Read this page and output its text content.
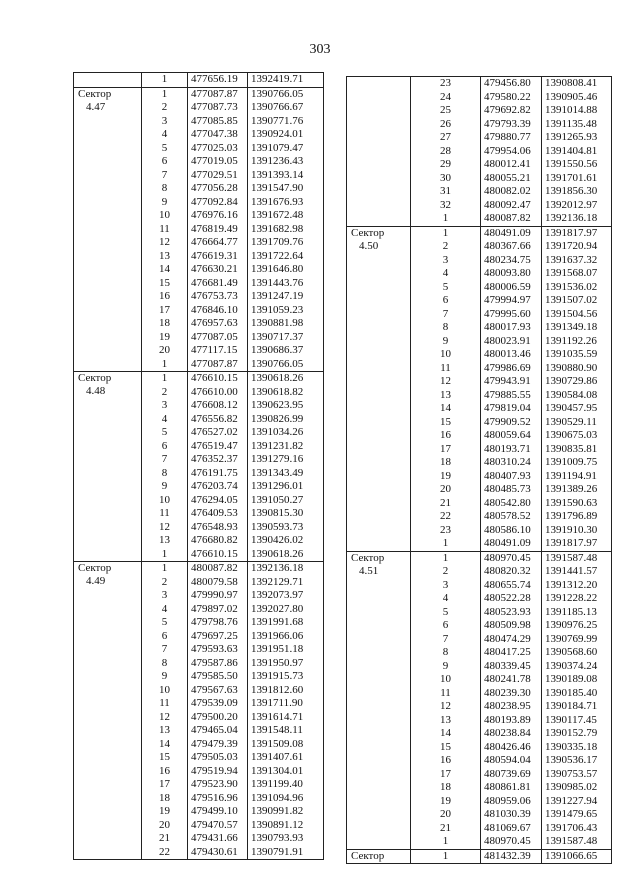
303
	1	477656.19	1392419.71

Сектор
4.47	1	477087.87	1390766.05
	2	477087.73	1390766.67
	3	477085.85	1390771.76
	4	477047.38	1390924.01
	5	477025.03	1391079.47
	6	477019.05	1391236.43
	7	477029.51	1391393.14
	8	477056.28	1391547.90
	9	477092.84	1391676.93
	10	476976.16	1391672.48
	11	476819.49	1391682.98
	12	476664.77	1391709.76
	13	476619.31	1391722.64
	14	476630.21	1391646.80
	15	476681.49	1391443.76
	16	476753.73	1391247.19
	17	476846.10	1391059.23
	18	476957.63	1390881.98
	19	477087.05	1390717.37
	20	477117.15	1390686.37
	1	477087.87	1390766.05

Сектор
4.48	1	476610.15	1390618.26
	2	476610.00	1390618.82
	3	476608.12	1390623.95
	4	476556.82	1390826.99
	5	476527.02	1391034.26
	6	476519.47	1391231.82
	7	476352.37	1391279.16
	8	476191.75	1391343.49
	9	476203.74	1391296.01
	10	476294.05	1391050.27
	11	476409.53	1390815.30
	12	476548.93	1390593.73
	13	476680.82	1390426.02
	1	476610.15	1390618.26

Сектор
4.49	1	480087.82	1392136.18
	2	480079.58	1392129.71
	3	479990.97	1392073.97
	4	479897.02	1392027.80
	5	479798.76	1391991.68
	6	479697.25	1391966.06
	7	479593.63	1391951.18
	8	479587.86	1391950.97
	9	479585.50	1391915.73
	10	479567.63	1391812.60
	11	479539.09	1391711.90
	12	479500.20	1391614.71
	13	479465.04	1391548.11
	14	479479.39	1391509.08
	15	479505.03	1391407.61
	16	479519.94	1391304.01
	17	479523.90	1391199.40
	18	479516.96	1391094.96
	19	479499.10	1390991.82
	20	479470.57	1390891.12
	21	479431.66	1390793.93
	22	479430.61	1390791.91
	23	479456.80	1390808.41
	24	479580.22	1390905.46
	25	479692.82	1391014.88
	26	479793.39	1391135.48
	27	479880.77	1391265.93
	28	479954.06	1391404.81
	29	480012.41	1391550.56
	30	480055.21	1391701.61
	31	480082.02	1391856.30
	32	480092.47	1392012.97
	1	480087.82	1392136.18

Сектор
4.50	1	480491.09	1391817.97
	2	480367.66	1391720.94
	3	480234.75	1391637.32
	4	480093.80	1391568.07
	5	480006.59	1391536.02
	6	479994.97	1391507.02
	7	479995.60	1391504.56
	8	480017.93	1391349.18
	9	480023.91	1391192.26
	10	480013.46	1391035.59
	11	479986.69	1390880.90
	12	479943.91	1390729.86
	13	479885.55	1390584.08
	14	479819.04	1390457.95
	15	479909.52	1390529.11
	16	480059.64	1390675.03
	17	480193.71	1390835.81
	18	480310.24	1391009.75
	19	480407.93	1391194.91
	20	480485.73	1391389.26
	21	480542.80	1391590.63
	22	480578.52	1391796.89
	23	480586.10	1391910.30
	1	480491.09	1391817.97

Сектор
4.51	1	480970.45	1391587.48
	2	480820.32	1391441.57
	3	480655.74	1391312.20
	4	480522.28	1391228.22
	5	480523.93	1391185.13
	6	480509.98	1390976.25
	7	480474.29	1390769.99
	8	480417.25	1390568.60
	9	480339.45	1390374.24
	10	480241.78	1390189.08
	11	480239.30	1390185.40
	12	480238.95	1390184.71
	13	480193.89	1390117.45
	14	480238.84	1390152.79
	15	480426.46	1390335.18
	16	480594.04	1390536.17
	17	480739.69	1390753.57
	18	480861.81	1390985.02
	19	480959.06	1391227.94
	20	481030.39	1391479.65
	21	481069.67	1391706.43
	1	480970.45	1391587.48

Сектор	1	481432.39	1391066.65
